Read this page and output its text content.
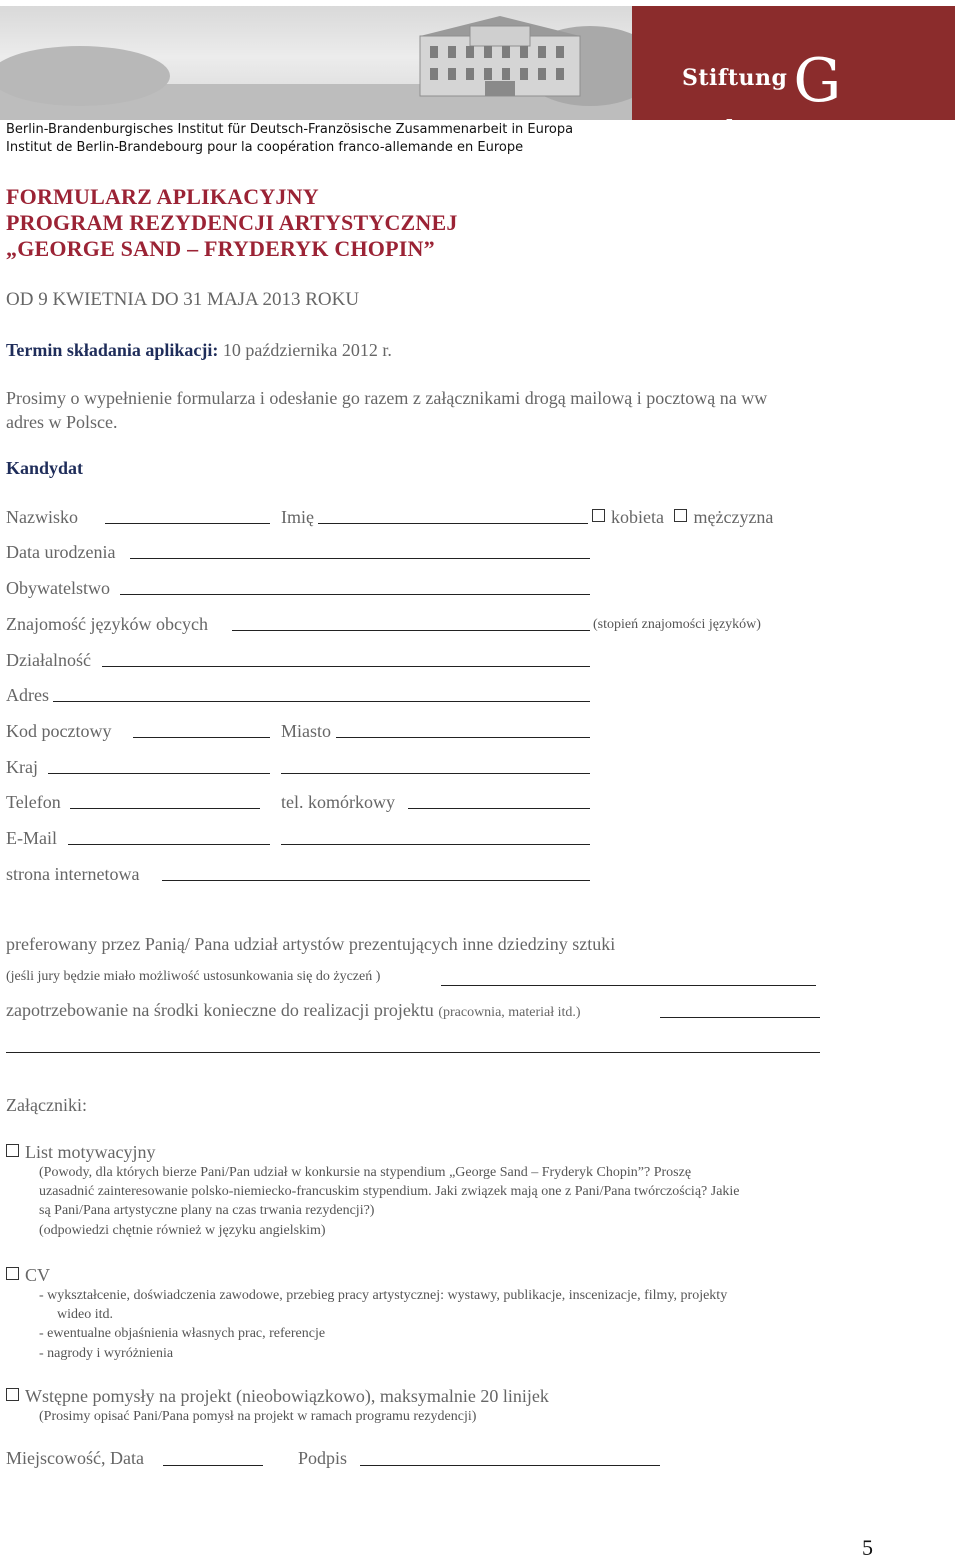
Stiftung Genshagen
Berlin-Brandenburgisches Institut für Deutsch-Französische Zusammenarbeit in Europa
Institut de Berlin-Brandebourg pour la coopération franco-allemande en Europe
FORMULARZ APLIKACYJNY
PROGRAM REZYDENCJI ARTYSTYCZNEJ
„GEORGE SAND – FRYDERYK CHOPIN”
OD 9 KWIETNIA DO 31 MAJA 2013 ROKU
Termin składania aplikacji: 10 października 2012 r.
Prosimy o wypełnienie formularza i odesłanie go razem z załącznikami drogą mailową i pocztową na ww
adres w Polsce.
Kandydat
Nazwisko	Imię	kobieta mężczyzna
Data urodzenia
Obywatelstwo
Znajomość języków obcych	(stopień znajomości języków)
Działalność
Adres
Kod pocztowy	Miasto
Kraj
Telefon	tel. komórkowy
E-Mail
strona internetowa
preferowany przez Panią/ Pana udział artystów prezentujących inne dziedziny sztuki
(jeśli jury będzie miało możliwość ustosunkowania się do życzeń )
zapotrzebowanie na środki konieczne do realizacji projektu (pracownia, materiał itd.)
Załączniki:
List motywacyjny
(Powody, dla których bierze Pani/Pan udział w konkursie na stypendium „George Sand – Fryderyk Chopin”? Proszę
uzasadnić zainteresowanie polsko-niemiecko-francuskim stypendium. Jaki związek mają one z Pani/Pana twórczością? Jakie
są Pani/Pana artystyczne plany na czas trwania rezydencji?)
(odpowiedzi chętnie również w języku angielskim)
CV
- wykształcenie, doświadczenia zawodowe, przebieg pracy artystycznej: wystawy, publikacje, inscenizacje, filmy, projekty
wideo itd.
- ewentualne objaśnienia własnych prac, referencje
- nagrody i wyróżnienia
Wstępne pomysły na projekt (nieobowiązkowo), maksymalnie 20 linijek
(Prosimy opisać Pani/Pana pomysł na projekt w ramach programu rezydencji)
Miejscowość, Data	Podpis
5
